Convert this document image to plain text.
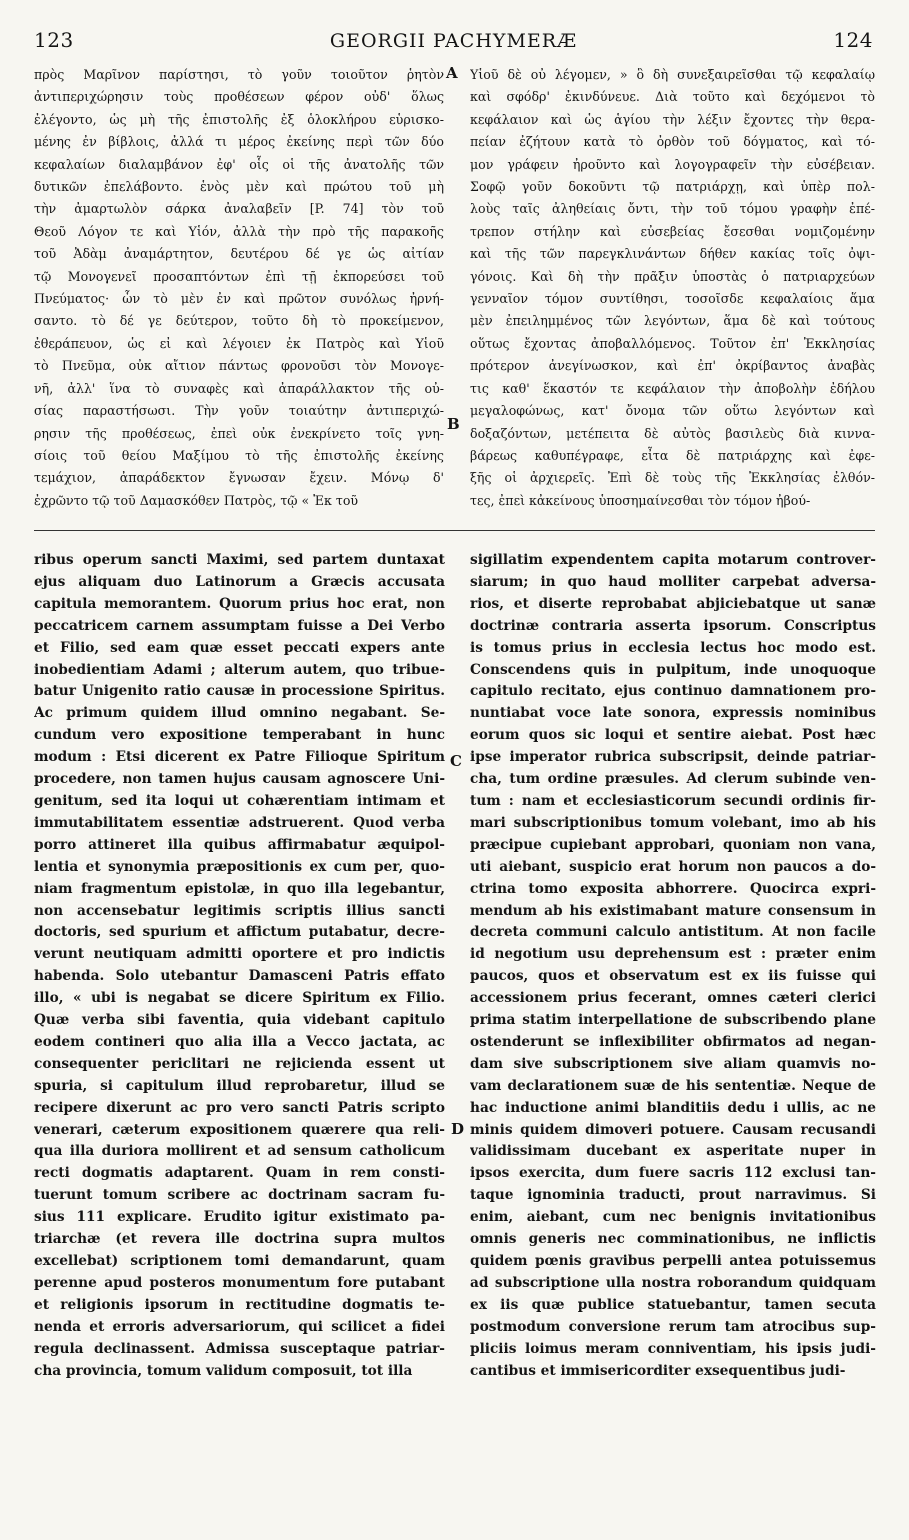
123	GEORGII PACHYMERÆ	124
πρὸς Μαρῖνον παρίστησι, τὸ γοῦν τοιοῦτον ῥητὸν
ἀντιπεριχώρησιν τοὺς προθέσεων φέρον οὐδ' ὅλως
ἐλέγοντο, ὡς μὴ τῆς ἐπιστολῆς ἐξ ὁλοκλήρου εὑρισκο-
μένης ἐν βίβλοις, ἀλλά τι μέρος ἐκείνης περὶ τῶν δύο
κεφαλαίων διαλαμβάνον ἐφ' οἷς οἱ τῆς ἀνατολῆς τῶν
δυτικῶν ἐπελάβοντο. ἑνὸς μὲν καὶ πρώτου τοῦ μὴ
τὴν ἀμαρτωλὸν σάρκα ἀναλαβεῖν [P. 74] τὸν τοῦ
Θεοῦ Λόγον τε καὶ Υἱόν, ἀλλὰ τὴν πρὸ τῆς παρακοῆς
τοῦ Ἀδὰμ ἀναμάρτητον, δευτέρου δέ γε ὡς αἰτίαν
τῷ Μονογενεῖ προσαπτόντων ἐπὶ τῇ ἐκπορεύσει τοῦ
Πνεύματος· ὧν τὸ μὲν ἐν καὶ πρῶτον συνόλως ἠρνή-
σαντο. τὸ δέ γε δεύτερον, τοῦτο δὴ τὸ προκείμενον,
ἐθεράπευον, ὡς εἰ καὶ λέγοιεν ἐκ Πατρὸς καὶ Υἱοῦ
τὸ Πνεῦμα, οὐκ αἴτιον πάντως φρονοῦσι τὸν Μονογε-
νῆ, ἀλλ' ἵνα τὸ συναφὲς καὶ ἀπαράλλακτον τῆς οὐ-
σίας παραστήσωσι. Τὴν γοῦν τοιαύτην ἀντιπεριχώ-
ρησιν τῆς προθέσεως, ἐπεὶ οὐκ ἐνεκρίνετο τοῖς γνη-
σίοις τοῦ θείου Μαξίμου τὸ τῆς ἐπιστολῆς ἐκείνης
τεμάχιον, ἀπαράδεκτον ἔγνωσαν ἔχειν. Μόνῳ δ'
ἐχρῶντο τῷ τοῦ Δαμασκόθεν Πατρὸς, τῷ « Ἐκ τοῦ
Υἱοῦ δὲ οὐ λέγομεν, » ὃ δὴ συνεξαιρεῖσθαι τῷ κεφαλαίῳ
καὶ σφόδρ' ἐκινδύνευε. Διὰ τοῦτο καὶ δεχόμενοι τὸ
κεφάλαιον καὶ ὡς ἁγίου τὴν λέξιν ἔχοντες τὴν θερα-
πείαν ἐζήτουν κατὰ τὸ ὀρθὸν τοῦ δόγματος, καὶ τό-
μον γράφειν ἠροῦντο καὶ λογογραφεῖν τὴν εὐσέβειαν.
Σοφῷ γοῦν δοκοῦντι τῷ πατριάρχῃ, καὶ ὑπὲρ πολ-
λοὺς ταῖς ἀληθείαις ὄντι, τὴν τοῦ τόμου γραφὴν ἐπέ-
τρεπον στήλην καὶ εὐσεβείας ἔσεσθαι νομιζομένην
καὶ τῆς τῶν παρεγκλινάντων δήθεν κακίας τοῖς ὀψι-
γόνοις. Καὶ δὴ τὴν πρᾶξιν ὑποστὰς ὁ πατριαρχεύων
γενναῖον τόμον συντίθησι, τοσοῖσδε κεφαλαίοις ἅμα
μὲν ἐπειλημμένος τῶν λεγόντων, ἅμα δὲ καὶ τούτους
οὕτως ἔχοντας ἀποβαλλόμενος. Τοῦτον ἐπ' Ἐκκλησίας
πρότερον ἀνεγίνωσκον, καὶ ἐπ' ὀκρίβαντος ἀναβὰς
τις καθ' ἕκαστόν τε κεφάλαιον τὴν ἀποβολὴν ἐδήλου
μεγαλοφώνως, κατ' ὄνομα τῶν οὕτω λεγόντων καὶ
δοξαζόντων, μετέπειτα δὲ αὐτὸς βασιλεὺς διὰ κιννα-
βάρεως καθυπέγραφε, εἶτα δὲ πατριάρχης καὶ ἐφε-
ξῆς οἱ ἀρχιερεῖς. Ἐπὶ δὲ τοὺς τῆς Ἐκκλησίας ἐλθόν-
τες, ἐπεὶ κἀκείνους ὑποσημαίνεσθαι τὸν τόμον ἠβού-
A
B
ribus operum sancti Maximi, sed partem duntaxat
ejus aliquam duo Latinorum a Græcis accusata
capitula memorantem. Quorum prius hoc erat, non
peccatricem carnem assumptam fuisse a Dei Verbo
et Filio, sed eam quæ esset peccati expers ante
inobedientiam Adami ; alterum autem, quo tribue-
batur Unigenito ratio causæ in processione Spiritus.
Ac primum quidem illud omnino negabant. Se-
cundum vero expositione temperabant in hunc
modum : Etsi dicerent ex Patre Filioque Spiritum
procedere, non tamen hujus causam agnoscere Uni-
genitum, sed ita loqui ut cohærentiam intimam et
immutabilitatem essentiæ adstruerent. Quod verba
porro attineret illa quibus affirmabatur æquipol-
lentia et synonymia præpositionis ex cum per, quo-
niam fragmentum epistolæ, in quo illa legebantur,
non accensebatur legitimis scriptis illius sancti
doctoris, sed spurium et affictum putabatur, decre-
verunt neutiquam admitti oportere et pro indictis
habenda. Solo utebantur Damasceni Patris effato
illo, « ubi is negabat se dicere Spiritum ex Filio.
Quæ verba sibi faventia, quia videbant capitulo
eodem contineri quo alia illa a Vecco jactata, ac
consequenter periclitari ne rejicienda essent ut
spuria, si capitulum illud reprobaretur, illud se
recipere dixerunt ac pro vero sancti Patris scripto
venerari, cæterum expositionem quærere qua reli-
qua illa duriora mollirent et ad sensum catholicum
recti dogmatis adaptarent. Quam in rem consti-
tuerunt tomum scribere ac doctrinam sacram fu-
sius 111 explicare. Erudito igitur existimato pa-
triarchæ (et revera ille doctrina supra multos
excellebat) scriptionem tomi demandarunt, quam
perenne apud posteros monumentum fore putabant
et religionis ipsorum in rectitudine dogmatis te-
nenda et erroris adversariorum, qui scilicet a fidei
regula declinassent. Admissa susceptaque patriar-
cha provincia, tomum validum composuit, tot illa
sigillatim expendentem capita motarum controver-
siarum; in quo haud molliter carpebat adversa-
rios, et diserte reprobabat abjiciebatque ut sanæ
doctrinæ contraria asserta ipsorum. Conscriptus
is tomus prius in ecclesia lectus hoc modo est.
Conscendens quis in pulpitum, inde unoquoque
capitulo recitato, ejus continuo damnationem pro-
nuntiabat voce late sonora, expressis nominibus
eorum quos sic loqui et sentire aiebat. Post hæc
ipse imperator rubrica subscripsit, deinde patriar-
cha, tum ordine præsules. Ad clerum subinde ven-
tum : nam et ecclesiasticorum secundi ordinis fir-
mari subscriptionibus tomum volebant, imo ab his
præcipue cupiebant approbari, quoniam non vana,
uti aiebant, suspicio erat horum non paucos a do-
ctrina tomo exposita abhorrere. Quocirca expri-
mendum ab his existimabant mature consensum in
decreta communi calculo antistitum. At non facile
id negotium usu deprehensum est : præter enim
paucos, quos et observatum est ex iis fuisse qui
accessionem prius fecerant, omnes cæteri clerici
prima statim interpellatione de subscribendo plane
ostenderunt se inflexibiliter obfirmatos ad negan-
dam sive subscriptionem sive aliam quamvis no-
vam declarationem suæ de his sententiæ. Neque de
hac inductione animi blanditiis dedu i ullis, ac ne
minis quidem dimoveri potuere. Causam recusandi
validissimam ducebant ex asperitate nuper in
ipsos exercita, dum fuere sacris 112 exclusi tan-
taque ignominia traducti, prout narravimus. Si
enim, aiebant, cum nec benignis invitationibus
omnis generis nec comminationibus, ne inflictis
quidem pœnis gravibus perpelli antea potuissemus
ad subscriptione ulla nostra roborandum quidquam
ex iis quæ publice statuebantur, tamen secuta
postmodum conversione rerum tam atrocibus sup-
pliciis loimus meram conniventiam, his ipsis judi-
cantibus et immisericorditer exsequentibus judi-
C
D
